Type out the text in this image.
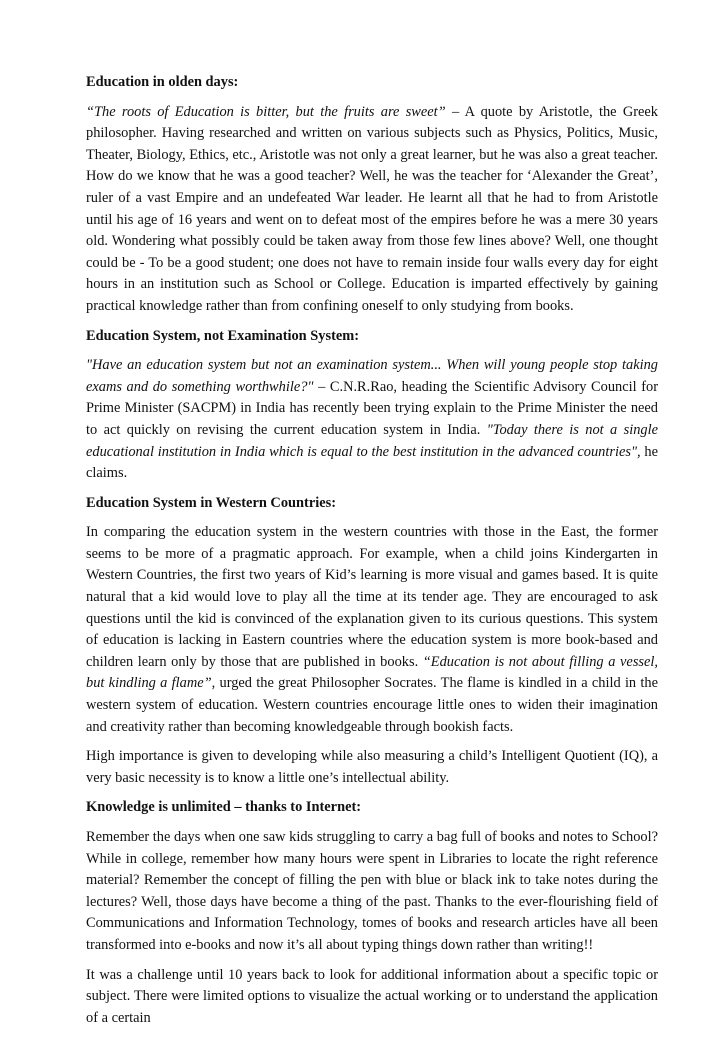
Education in olden days:

“The roots of Education is bitter, but the fruits are sweet” – A quote by Aristotle, the Greek philosopher. Having researched and written on various subjects such as Physics, Politics, Music, Theater, Biology, Ethics, etc., Aristotle was not only a great learner, but he was also a great teacher. How do we know that he was a good teacher? Well, he was the teacher for ‘Alexander the Great’, ruler of a vast Empire and an undefeated War leader. He learnt all that he had to from Aristotle until his age of 16 years and went on to defeat most of the empires before he was a mere 30 years old. Wondering what possibly could be taken away from those few lines above? Well, one thought could be - To be a good student; one does not have to remain inside four walls every day for eight hours in an institution such as School or College. Education is imparted effectively by gaining practical knowledge rather than from confining oneself to only studying from books.

Education System, not Examination System:

"Have an education system but not an examination system... When will young people stop taking exams and do something worthwhile?" – C.N.R.Rao, heading the Scientific Advisory Council for Prime Minister (SACPM) in India has recently been trying explain to the Prime Minister the need to act quickly on revising the current education system in India. "Today there is not a single educational institution in India which is equal to the best institution in the advanced countries", he claims.

Education System in Western Countries:

In comparing the education system in the western countries with those in the East, the former seems to be more of a pragmatic approach. For example, when a child joins Kindergarten in Western Countries, the first two years of Kid’s learning is more visual and games based. It is quite natural that a kid would love to play all the time at its tender age. They are encouraged to ask questions until the kid is convinced of the explanation given to its curious questions. This system of education is lacking in Eastern countries where the education system is more book-based and children learn only by those that are published in books. “Education is not about filling a vessel, but kindling a flame”, urged the great Philosopher Socrates. The flame is kindled in a child in the western system of education. Western countries encourage little ones to widen their imagination and creativity rather than becoming knowledgeable through bookish facts.

High importance is given to developing while also measuring a child’s Intelligent Quotient (IQ), a very basic necessity is to know a little one’s intellectual ability.

Knowledge is unlimited – thanks to Internet:

Remember the days when one saw kids struggling to carry a bag full of books and notes to School? While in college, remember how many hours were spent in Libraries to locate the right reference material? Remember the concept of filling the pen with blue or black ink to take notes during the lectures? Well, those days have become a thing of the past. Thanks to the ever-flourishing field of Communications and Information Technology, tomes of books and research articles have all been transformed into e-books and now it’s all about typing things down rather than writing!!

It was a challenge until 10 years back to look for additional information about a specific topic or subject. There were limited options to visualize the actual working or to understand the application of a certain
